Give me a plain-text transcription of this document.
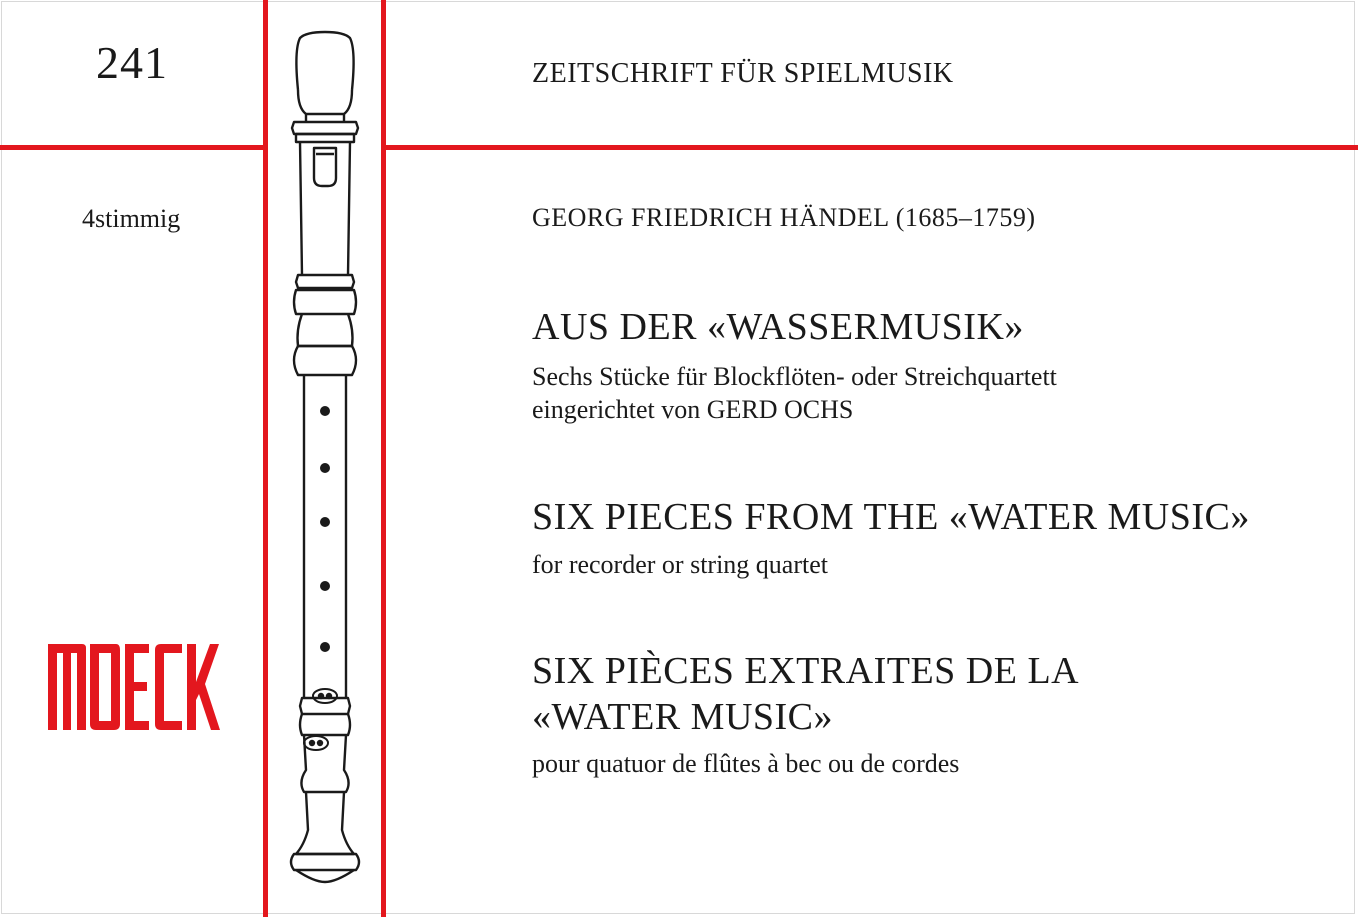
241
4stimmig
ZEITSCHRIFT FÜR SPIELMUSIK
GEORG FRIEDRICH HÄNDEL (1685–1759)
AUS DER «WASSERMUSIK»
Sechs Stücke für Blockflöten- oder Streichquartett
eingerichtet von GERD OCHS
SIX PIECES FROM THE «WATER MUSIC»
for recorder or string quartet
SIX PIÈCES EXTRAITES DE LA
«WATER MUSIC»
pour quatuor de flûtes à bec ou de cordes
